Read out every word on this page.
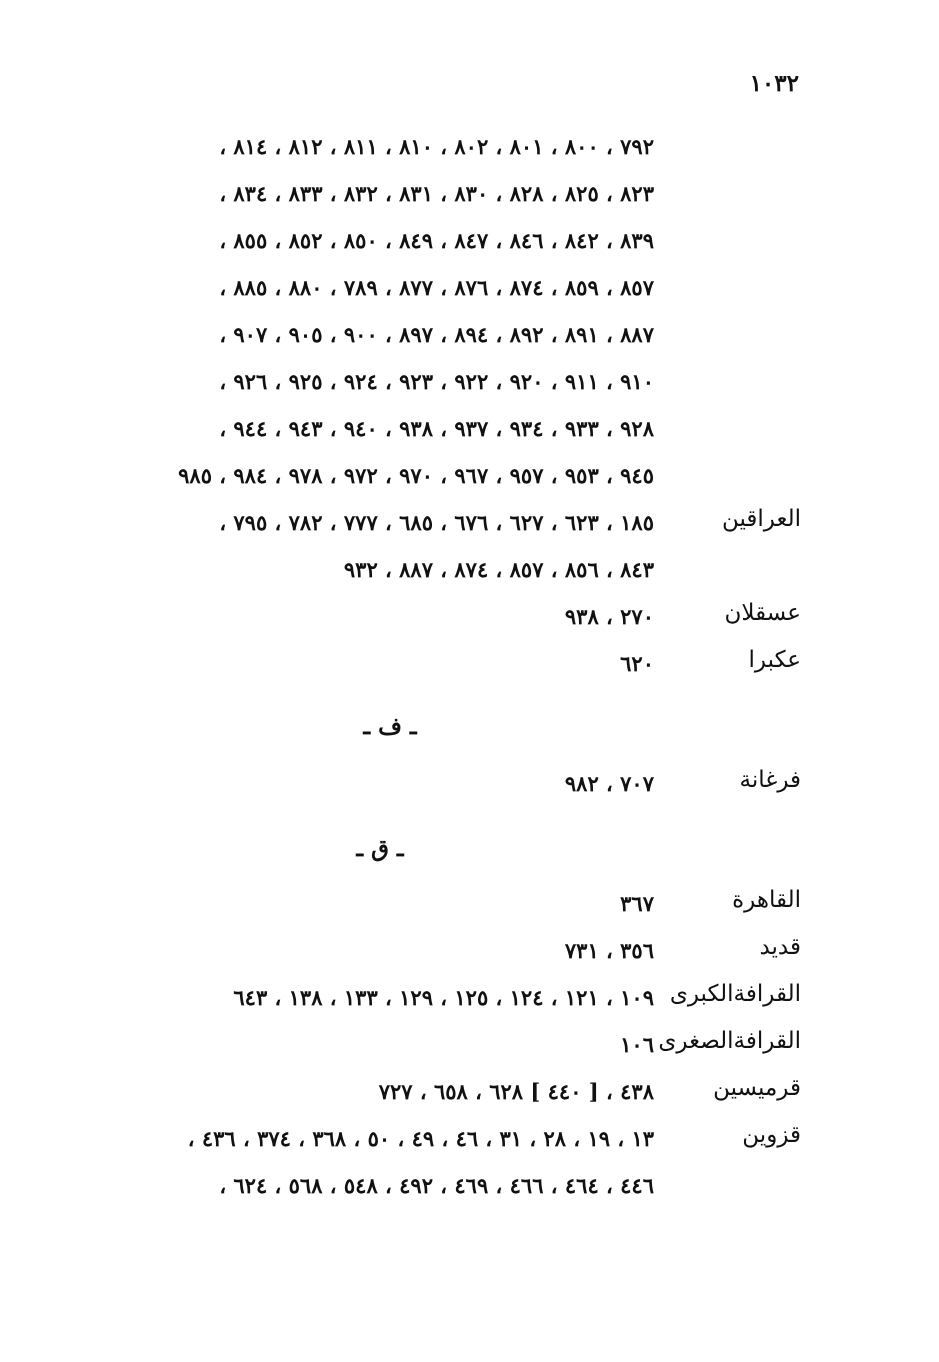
١٠٣٢
٧٩٢ ، ٨٠٠ ، ٨٠١ ، ٨٠٢ ، ٨١٠ ، ٨١١ ، ٨١٢ ، ٨١٤ ،
٨٢٣ ، ٨٢٥ ، ٨٢٨ ، ٨٣٠ ، ٨٣١ ، ٨٣٢ ، ٨٣٣ ، ٨٣٤ ،
٨٣٩ ، ٨٤٢ ، ٨٤٦ ، ٨٤٧ ، ٨٤٩ ، ٨٥٠ ، ٨٥٢ ، ٨٥٥ ،
٨٥٧ ، ٨٥٩ ، ٨٧٤ ، ٨٧٦ ، ٨٧٧ ، ٧٨٩ ، ٨٨٠ ، ٨٨٥ ،
٨٨٧ ، ٨٩١ ، ٨٩٢ ، ٨٩٤ ، ٨٩٧ ، ٩٠٠ ، ٩٠٥ ، ٩٠٧ ،
٩١٠ ، ٩١١ ، ٩٢٠ ، ٩٢٢ ، ٩٢٣ ، ٩٢٤ ، ٩٢٥ ، ٩٢٦ ،
٩٢٨ ، ٩٣٣ ، ٩٣٤ ، ٩٣٧ ، ٩٣٨ ، ٩٤٠ ، ٩٤٣ ، ٩٤٤ ،
٩٤٥ ، ٩٥٣ ، ٩٥٧ ، ٩٦٧ ، ٩٧٠ ، ٩٧٢ ، ٩٧٨ ، ٩٨٤ ، ٩٨٥
العراقين
١٨٥ ، ٦٢٣ ، ٦٢٧ ، ٦٧٦ ، ٦٨٥ ، ٧٧٧ ، ٧٨٢ ، ٧٩٥ ،
٨٤٣ ، ٨٥٦ ، ٨٥٧ ، ٨٧٤ ، ٨٨٧ ، ٩٣٢
عسقلان
٢٧٠ ، ٩٣٨
عكبرا
٦٢٠
ـ ف ـ
فرغانة
٧٠٧ ، ٩٨٢
ـ ق ـ
القاهرة
٣٦٧
قديد
٣٥٦ ، ٧٣١
القرافةالكبرى
١٠٩ ، ١٢١ ، ١٢٤ ، ١٢٥ ، ١٢٩ ، ١٣٣ ، ١٣٨ ، ٦٤٣
القرافةالصغرى
١٠٦
قرميسين
٤٣٨ ، [ ٤٤٠ ] ٦٢٨ ، ٦٥٨ ، ٧٢٧
قزوين
١٣ ، ١٩ ، ٢٨ ، ٣١ ، ٤٦ ، ٤٩ ، ٥٠ ، ٣٦٨ ، ٣٧٤ ، ٤٣٦ ،
٤٤٦ ، ٤٦٤ ، ٤٦٦ ، ٤٦٩ ، ٤٩٢ ، ٥٤٨ ، ٥٦٨ ، ٦٢٤ ،
